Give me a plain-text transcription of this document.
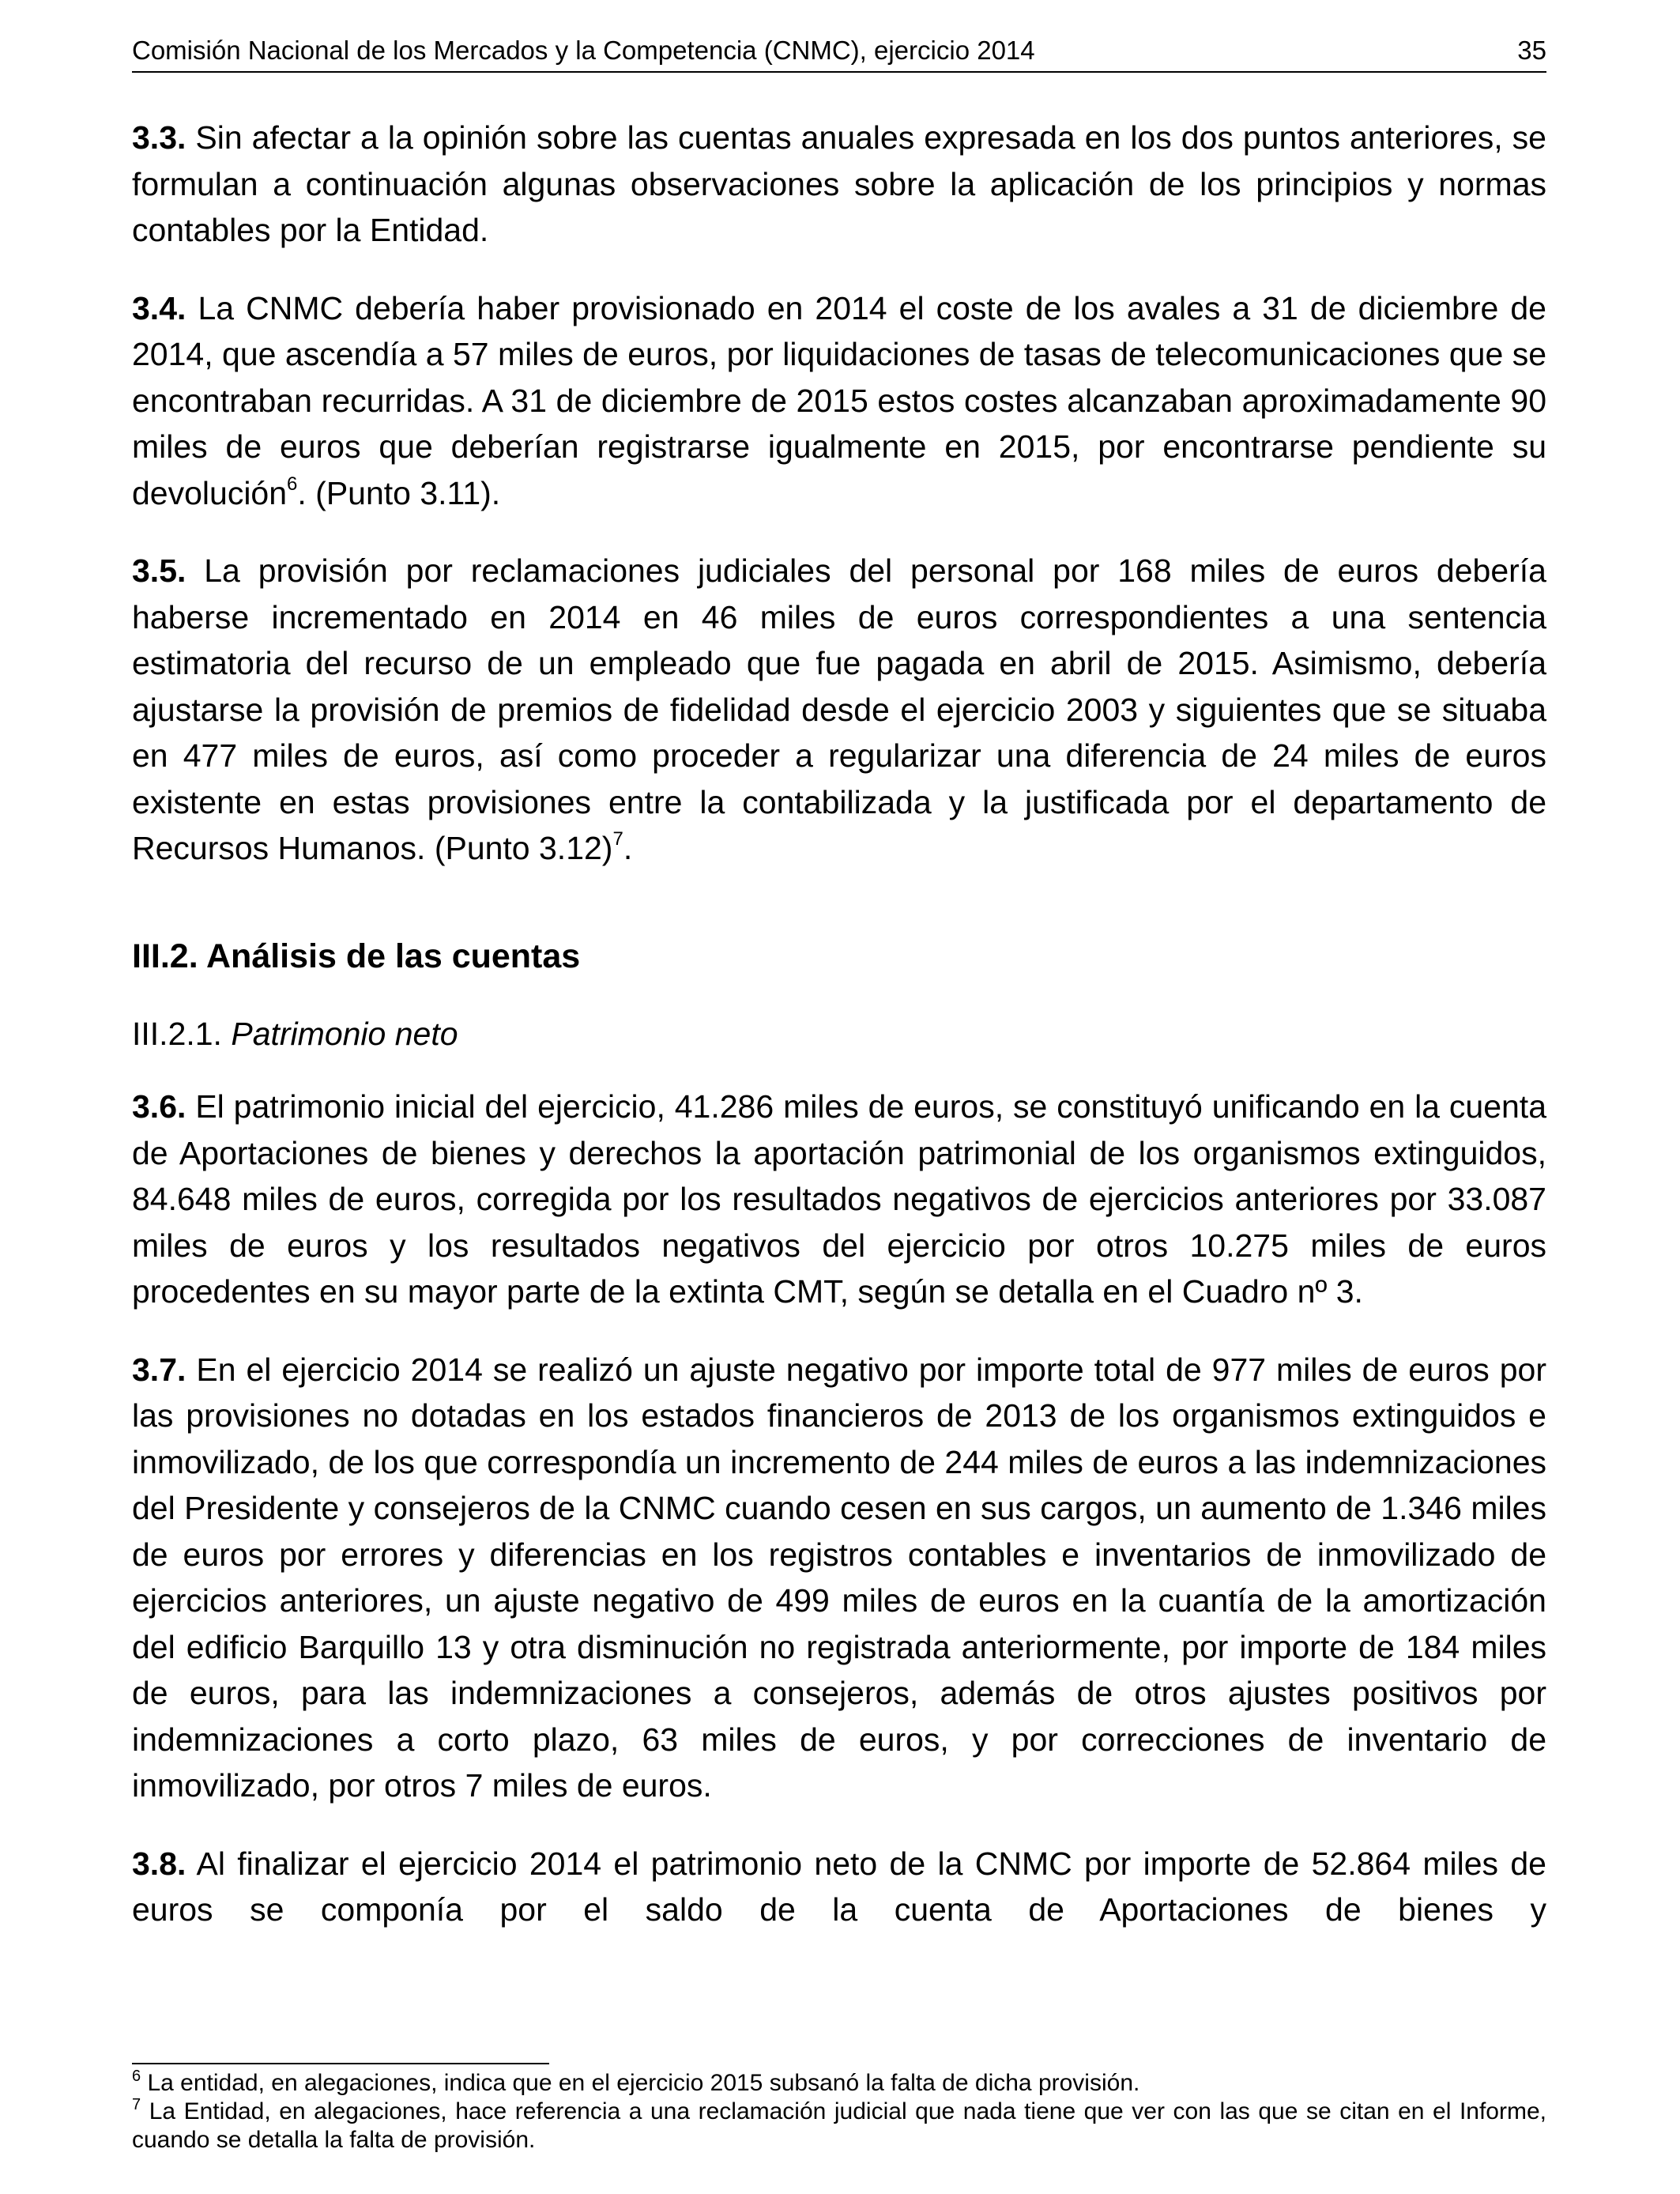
Comisión Nacional de los Mercados y la Competencia (CNMC), ejercicio 2014	35

3.3. Sin afectar a la opinión sobre las cuentas anuales expresada en los dos puntos anteriores, se formulan a continuación algunas observaciones sobre la aplicación de los principios y normas contables por la Entidad.

3.4. La CNMC debería haber provisionado en 2014 el coste de los avales a 31 de diciembre de 2014, que ascendía a 57 miles de euros, por liquidaciones de tasas de telecomunicaciones que se encontraban recurridas. A 31 de diciembre de 2015 estos costes alcanzaban aproximadamente 90 miles de euros que deberían registrarse igualmente en 2015, por encontrarse pendiente su devolución$^6$. (Punto 3.11).

3.5. La provisión por reclamaciones judiciales del personal por 168 miles de euros debería haberse incrementado en 2014 en 46 miles de euros correspondientes a una sentencia estimatoria del recurso de un empleado que fue pagada en abril de 2015. Asimismo, debería ajustarse la provisión de premios de fidelidad desde el ejercicio 2003 y siguientes que se situaba en 477 miles de euros, así como proceder a regularizar una diferencia de 24 miles de euros existente en estas provisiones entre la contabilizada y la justificada por el departamento de Recursos Humanos. (Punto 3.12)$^7$.

III.2. Análisis de las cuentas
III.2.1. Patrimonio neto

3.6. El patrimonio inicial del ejercicio, 41.286 miles de euros, se constituyó unificando en la cuenta de Aportaciones de bienes y derechos la aportación patrimonial de los organismos extinguidos, 84.648 miles de euros, corregida por los resultados negativos de ejercicios anteriores por 33.087 miles de euros y los resultados negativos del ejercicio por otros 10.275 miles de euros procedentes en su mayor parte de la extinta CMT, según se detalla en el Cuadro nº 3.

3.7. En el ejercicio 2014 se realizó un ajuste negativo por importe total de 977 miles de euros por las provisiones no dotadas en los estados financieros de 2013 de los organismos extinguidos e inmovilizado, de los que correspondía un incremento de 244 miles de euros a las indemnizaciones del Presidente y consejeros de la CNMC cuando cesen en sus cargos, un aumento de 1.346 miles de euros por errores y diferencias en los registros contables e inventarios de inmovilizado de ejercicios anteriores, un ajuste negativo de 499 miles de euros en la cuantía de la amortización del edificio Barquillo 13 y otra disminución no registrada anteriormente, por importe de 184 miles de euros, para las indemnizaciones a consejeros, además de otros ajustes positivos por indemnizaciones a corto plazo, 63 miles de euros, y por correcciones de inventario de inmovilizado, por otros 7 miles de euros.

3.8. Al finalizar el ejercicio 2014 el patrimonio neto de la CNMC por importe de 52.864 miles de euros se componía por el saldo de la cuenta de Aportaciones de bienes y

$^6$ La entidad, en alegaciones, indica que en el ejercicio 2015 subsanó la falta de dicha provisión.

$^7$ La Entidad, en alegaciones, hace referencia a una reclamación judicial que nada tiene que ver con las que se citan en el Informe, cuando se detalla la falta de provisión.
